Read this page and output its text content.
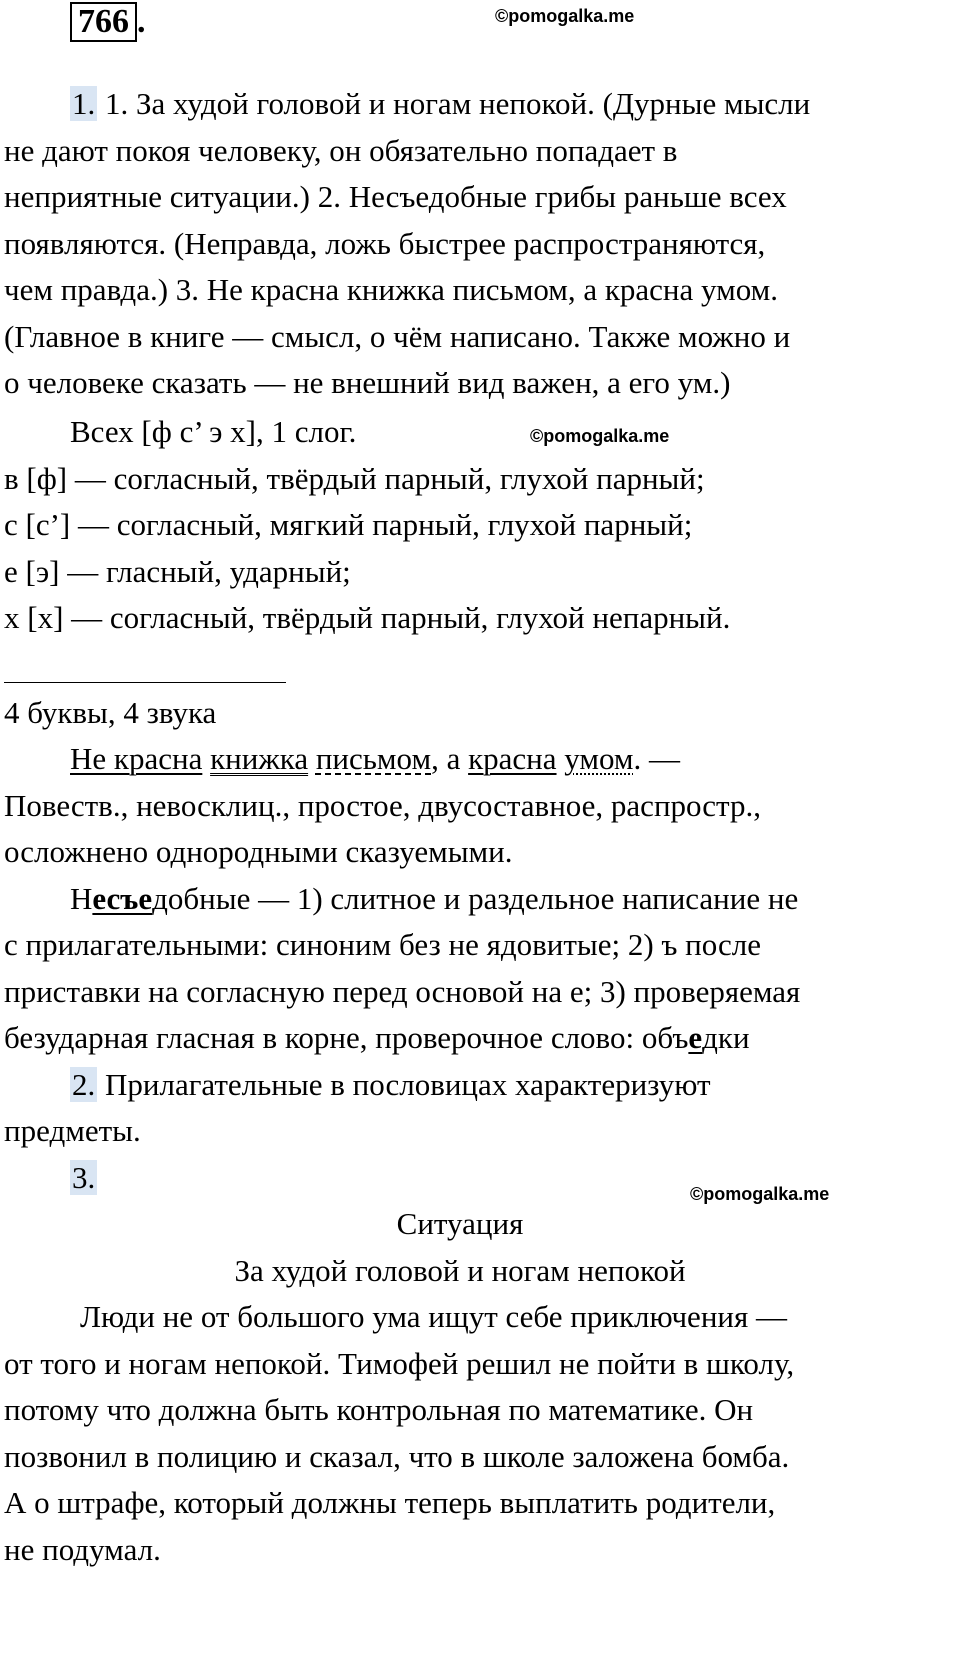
766 .	©pomogalka.me
©pomogalka.me
©pomogalka.me
1. 1. За худой головой и ногам непокой. (Дурные мысли
не дают покоя человеку, он обязательно попадает в
неприятные ситуации.) 2. Несъедобные грибы раньше всех
появляются. (Неправда, ложь быстрее распространяются,
чем правда.) 3. Не красна книжка письмом, а красна умом.
(Главное в книге — смысл, о чём написано. Также можно и
о человеке сказать — не внешний вид важен, а его ум.)
Всех [ф с’ э х], 1 слог.
в [ф] — согласный, твёрдый парный, глухой парный;
с [с’] — согласный, мягкий парный, глухой парный;
е [э] — гласный, ударный;
х [х] — согласный, твёрдый парный, глухой непарный.
4 буквы, 4 звука
Не красна книжка письмом, а красна умом. —
Повеств., невосклиц., простое, двусоставное, распростр.,
осложнено однородными сказуемыми.
Несъедобные — 1) слитное и раздельное написание не
с прилагательными: синоним без не ядовитые; 2) ъ после
приставки на согласную перед основой на е; 3) проверяемая
безударная гласная в корне, проверочное слово: объедки
2. Прилагательные в пословицах характеризуют
предметы.
3.
Ситуация
За худой головой и ногам непокой
Люди не от большого ума ищут себе приключения —
от того и ногам непокой. Тимофей решил не пойти в школу,
потому что должна быть контрольная по математике. Он
позвонил в полицию и сказал, что в школе заложена бомба.
А о штрафе, который должны теперь выплатить родители,
не подумал.
